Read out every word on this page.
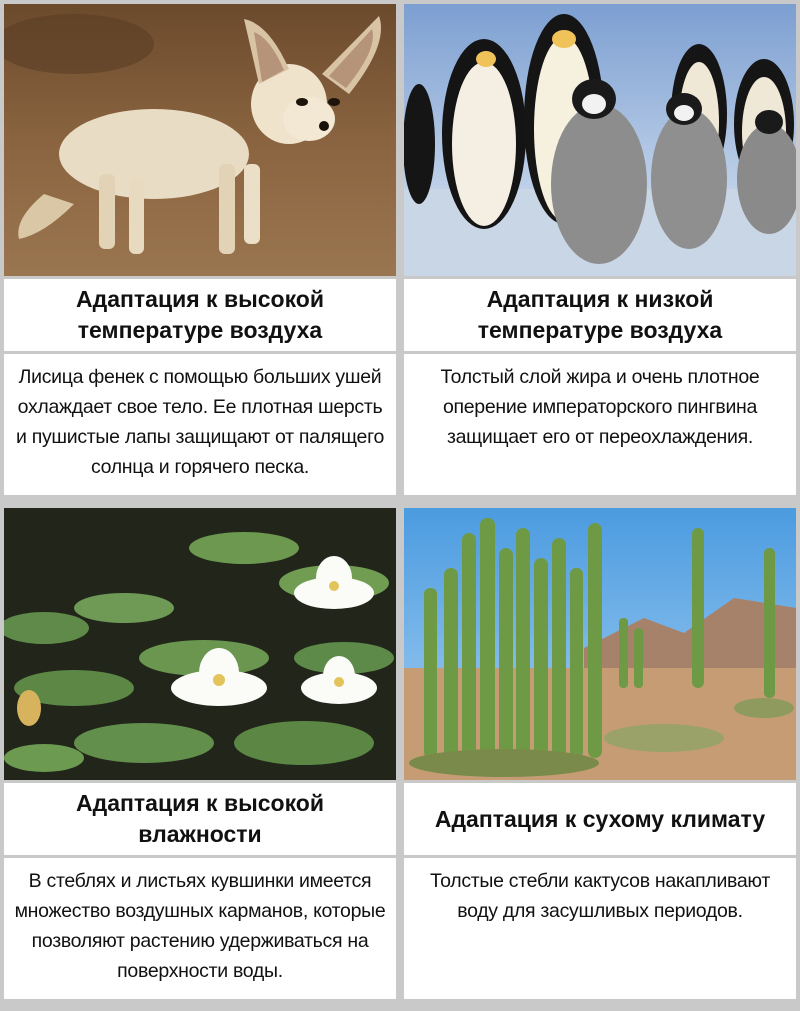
Адаптация к высокой температуре воздуха
Лисица фенек с помощью больших ушей охлаждает свое тело. Ее плотная шерсть и пушистые лапы защищают от палящего солнца и горячего песка.
Адаптация к низкой температуре воздуха
Толстый слой жира и очень плотное оперение императорского пингвина защищает его от переохлаждения.
Адаптация к высокой влажности
В стеблях и листьях кувшинки имеется множество воздушных карманов, которые позволяют растению удерживаться на поверхности воды.
Адаптация к сухому климату
Толстые стебли кактусов накапливают воду для засушливых периодов.
